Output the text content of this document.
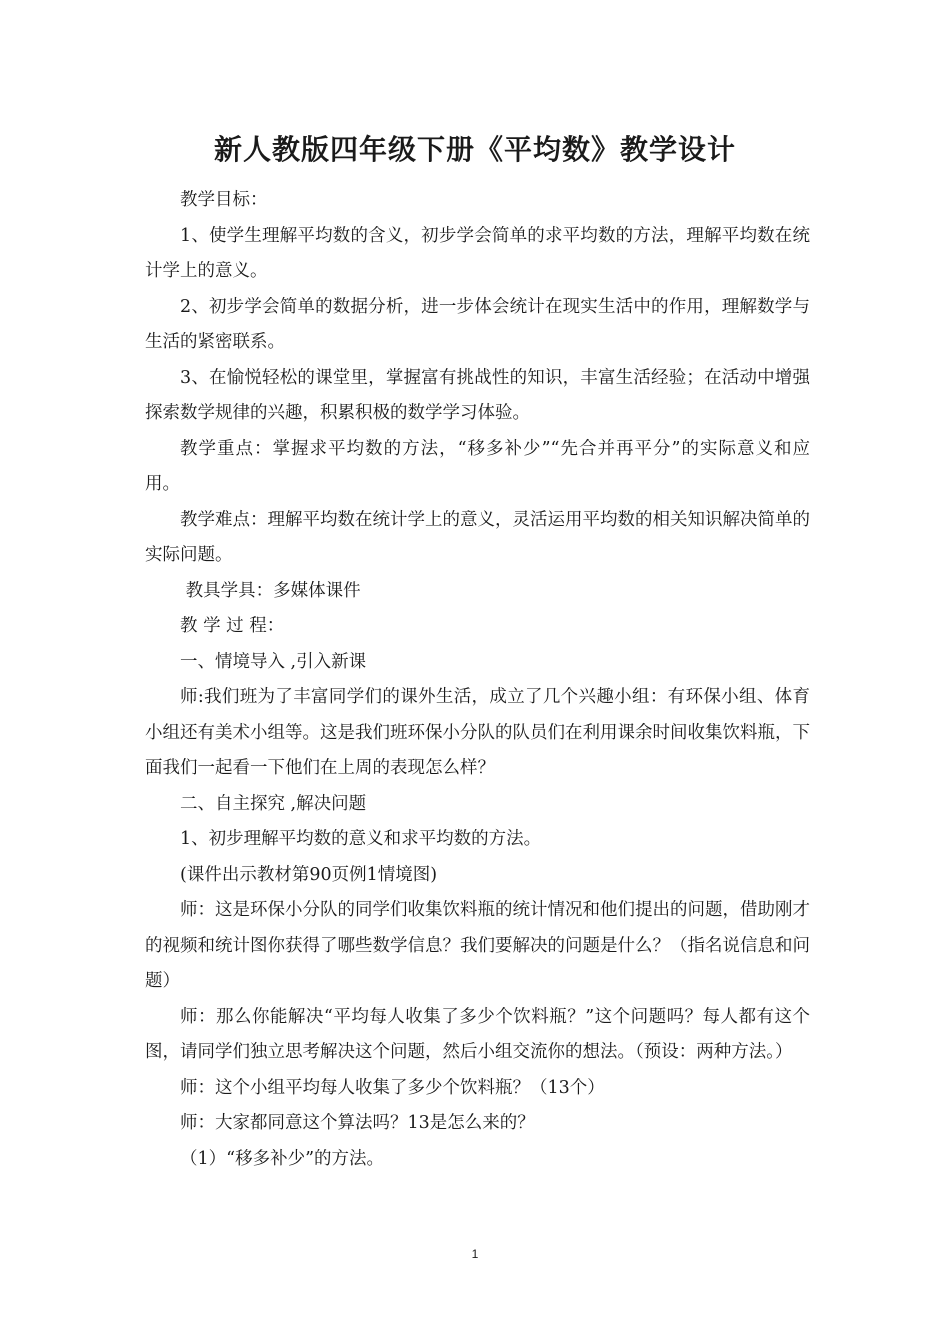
新人教版四年级下册《平均数》教学设计

教学目标：

1、使学生理解平均数的含义，初步学会简单的求平均数的方法，理解平均数在统计学上的意义。

2、初步学会简单的数据分析，进一步体会统计在现实生活中的作用，理解数学与生活的紧密联系。

3、在愉悦轻松的课堂里，掌握富有挑战性的知识，丰富生活经验；在活动中增强探索数学规律的兴趣，积累积极的数学学习体验。

教学重点：掌握求平均数的方法，“移多补少”“先合并再平分”的实际意义和应用。

教学难点：理解平均数在统计学上的意义，灵活运用平均数的相关知识解决简单的实际问题。

教具学具：多媒体课件

教 学 过 程：

一、情境导入 ,引入新课

师:我们班为了丰富同学们的课外生活，成立了几个兴趣小组：有环保小组、体育小组还有美术小组等。这是我们班环保小分队的队员们在利用课余时间收集饮料瓶，下面我们一起看一下他们在上周的表现怎么样？

二、自主探究 ,解决问题

1、初步理解平均数的意义和求平均数的方法。

(课件出示教材第90页例1情境图)

师：这是环保小分队的同学们收集饮料瓶的统计情况和他们提出的问题，借助刚才的视频和统计图你获得了哪些数学信息？我们要解决的问题是什么？（指名说信息和问题）

师：那么你能解决“平均每人收集了多少个饮料瓶？”这个问题吗？每人都有这个图，请同学们独立思考解决这个问题，然后小组交流你的想法。（预设：两种方法。）

师：这个小组平均每人收集了多少个饮料瓶？（13个）

师：大家都同意这个算法吗？13是怎么来的？

（1）“移多补少”的方法。

1
